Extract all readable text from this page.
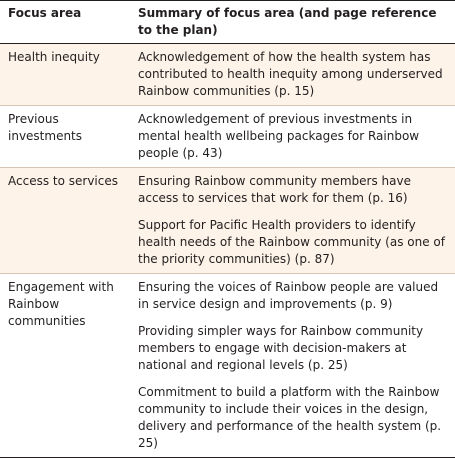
Focus area	Summary of focus area (and page reference to the plan)
Health inequity	Acknowledgement of how the health system has contributed to health inequity among underserved Rainbow communities (p. 15)

Previous investments	Acknowledgement of previous investments in mental health wellbeing packages for Rainbow people (p. 43)

Access to services	Ensuring Rainbow community members have access to services that work for them (p. 16)
Support for Pacific Health providers to identify health needs of the Rainbow community (as one of the priority communities) (p. 87)

Engagement with Rainbow communities	Ensuring the voices of Rainbow people are valued in service design and improvements (p. 9)
Providing simpler ways for Rainbow community members to engage with decision-makers at national and regional levels (p. 25)
Commitment to build a platform with the Rainbow community to include their voices in the design, delivery and performance of the health system (p. 25)
